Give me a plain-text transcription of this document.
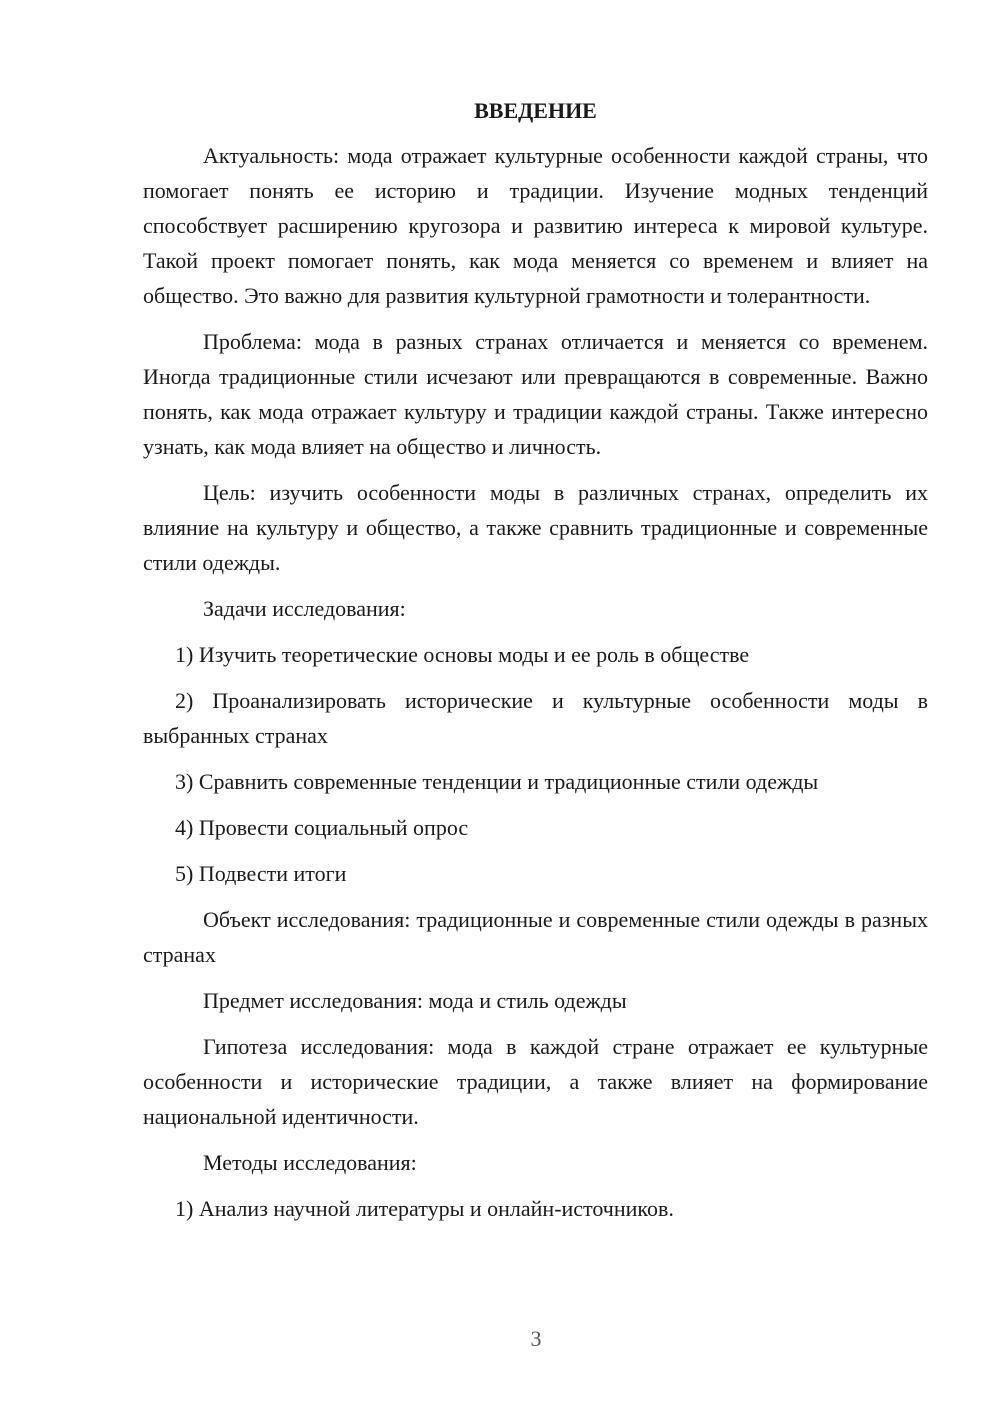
ВВЕДЕНИЕ

Актуальность: мода отражает культурные особенности каждой страны, что помогает понять ее историю и традиции. Изучение модных тенденций способствует расширению кругозора и развитию интереса к мировой культуре. Такой проект помогает понять, как мода меняется со временем и влияет на общество. Это важно для развития культурной грамотности и толерантности.

Проблема: мода в разных странах отличается и меняется со временем. Иногда традиционные стили исчезают или превращаются в современные. Важно понять, как мода отражает культуру и традиции каждой страны. Также интересно узнать, как мода влияет на общество и личность.

Цель: изучить особенности моды в различных странах, определить их влияние на культуру и общество, а также сравнить традиционные и современные стили одежды.

Задачи исследования:

1) Изучить теоретические основы моды и ее роль в обществе

2) Проанализировать исторические и культурные особенности моды в выбранных странах

3) Сравнить современные тенденции и традиционные стили одежды

4) Провести социальный опрос

5) Подвести итоги

Объект исследования: традиционные и современные стили одежды в разных странах

Предмет исследования: мода и стиль одежды

Гипотеза исследования: мода в каждой стране отражает ее культурные особенности и исторические традиции, а также влияет на формирование национальной идентичности.

Методы исследования:

1) Анализ научной литературы и онлайн-источников.

3
